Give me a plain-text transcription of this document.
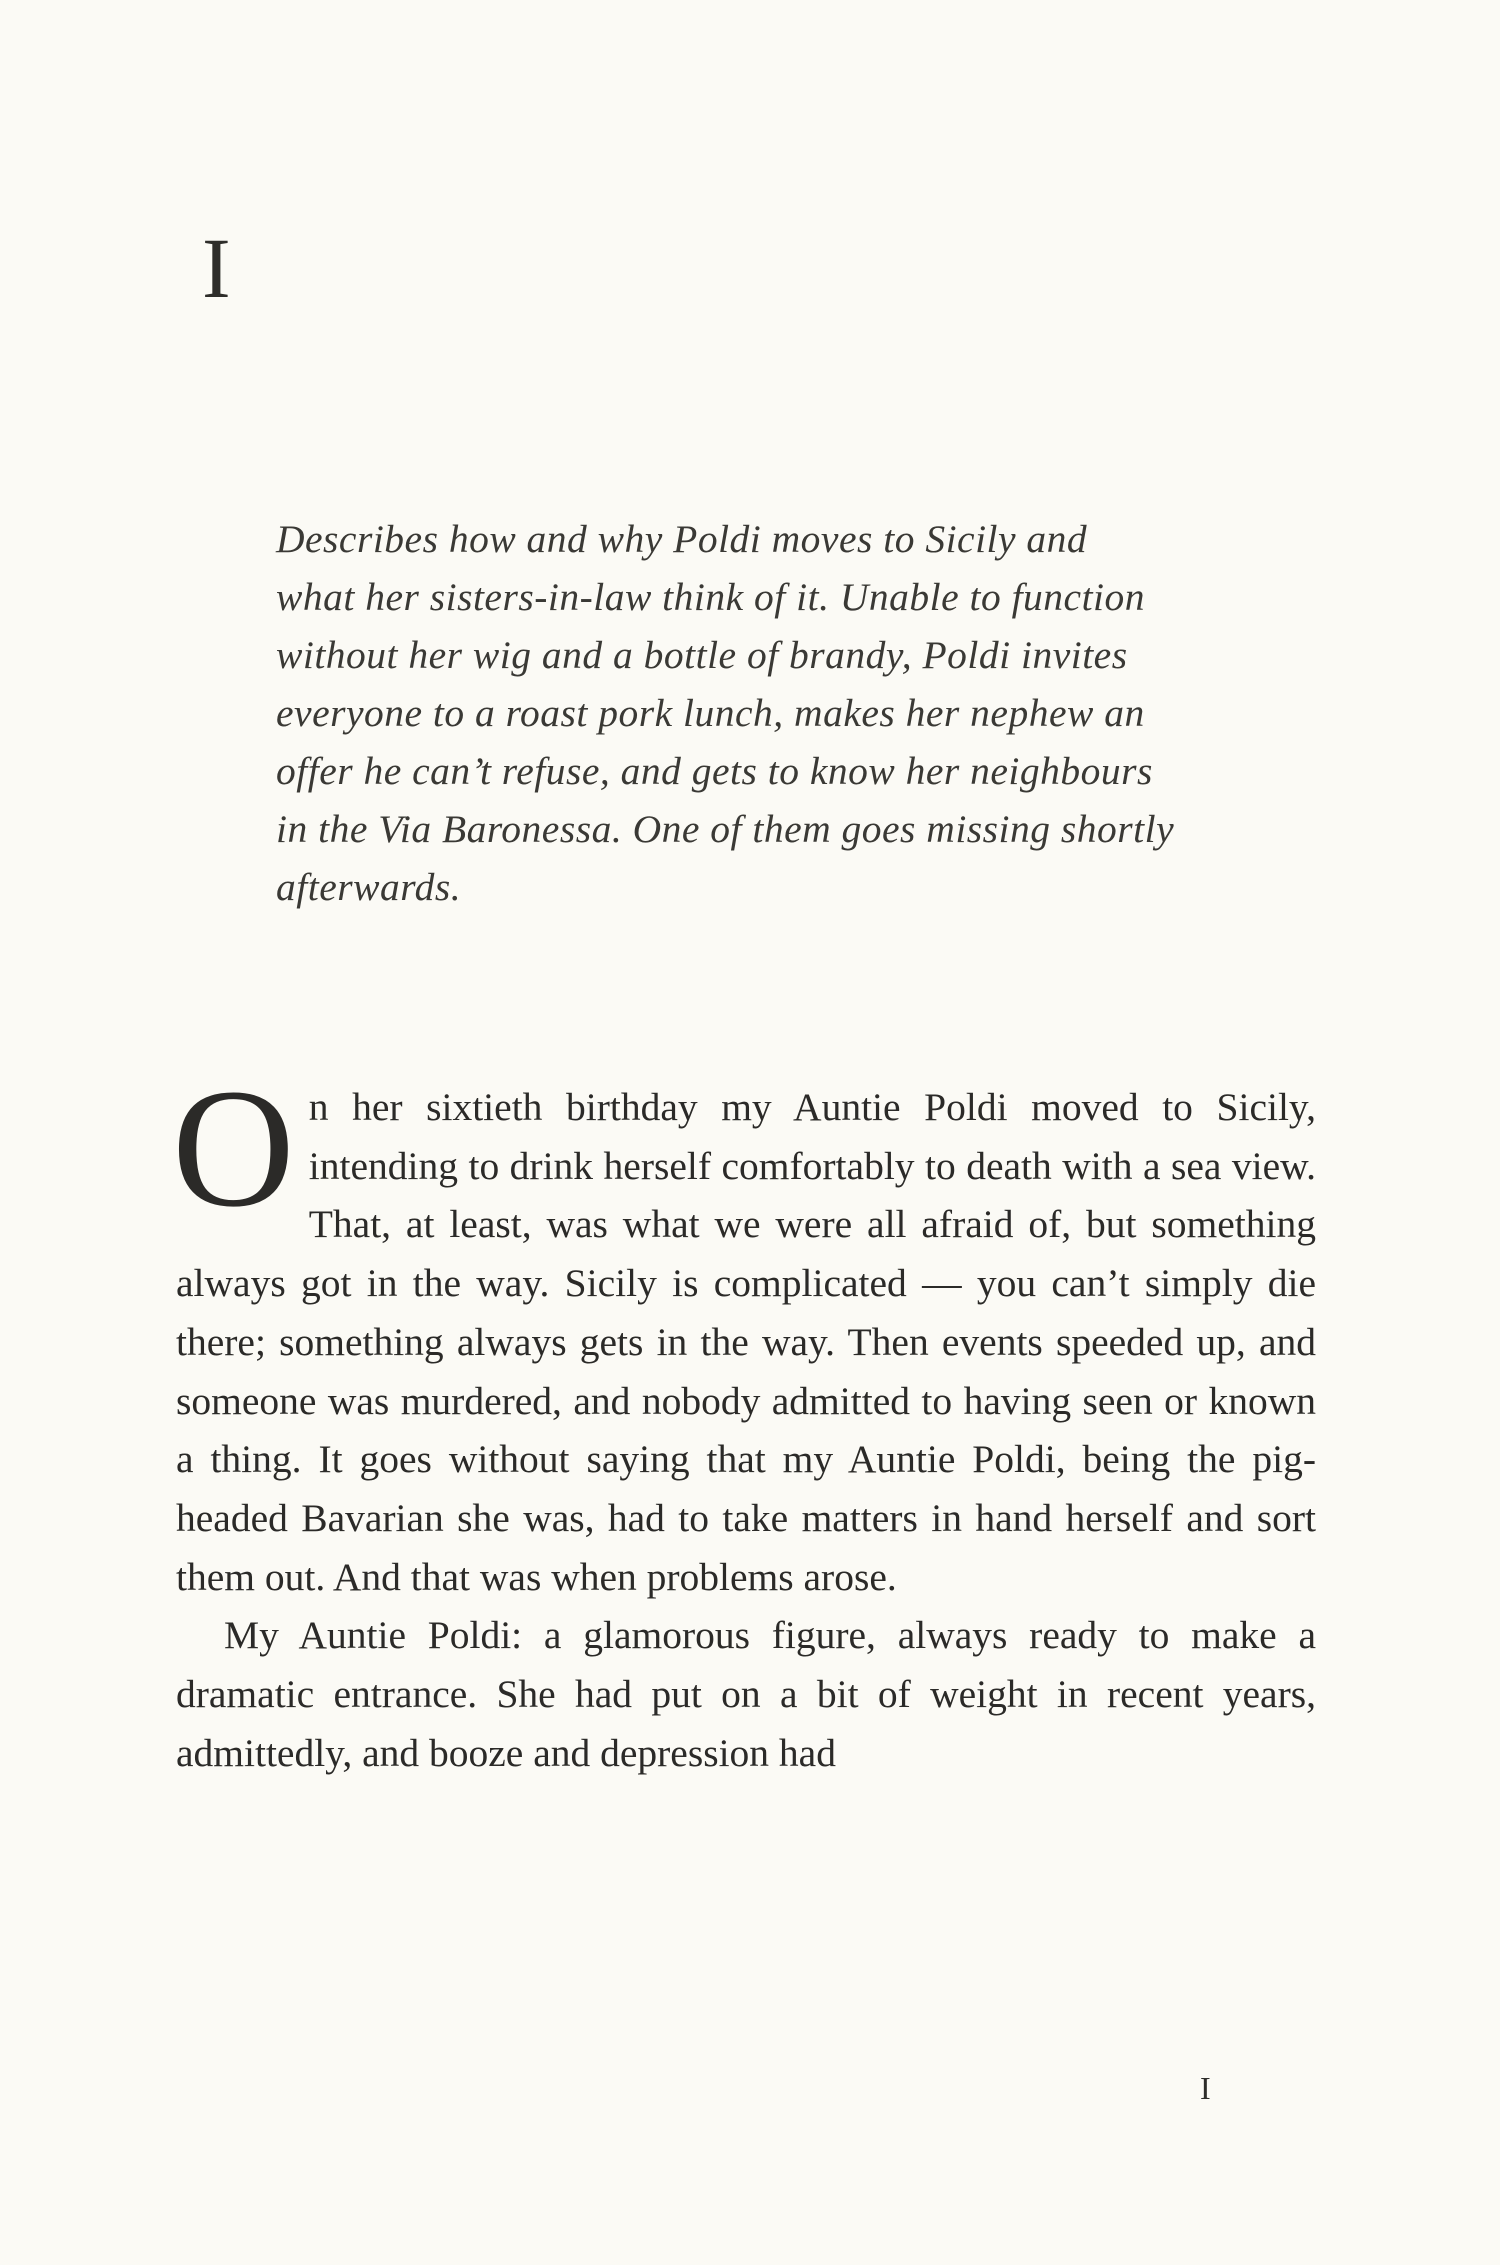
I

Describes how and why Poldi moves to Sicily and what her sisters-in-law think of it. Unable to function without her wig and a bottle of brandy, Poldi invites everyone to a roast pork lunch, makes her nephew an offer he can’t refuse, and gets to know her neighbours in the Via Baronessa. One of them goes missing shortly afterwards.

On her sixtieth birthday my Auntie Poldi moved to Sicily, intending to drink herself comfortably to death with a sea view. That, at least, was what we were all afraid of, but something always got in the way. Sicily is complicated — you can’t simply die there; something always gets in the way. Then events speeded up, and someone was murdered, and nobody admitted to having seen or known a thing. It goes without saying that my Auntie Poldi, being the pig-headed Bavarian she was, had to take matters in hand herself and sort them out. And that was when problems arose.

My Auntie Poldi: a glamorous figure, always ready to make a dramatic entrance. She had put on a bit of weight in recent years, admittedly, and booze and depression had

I
